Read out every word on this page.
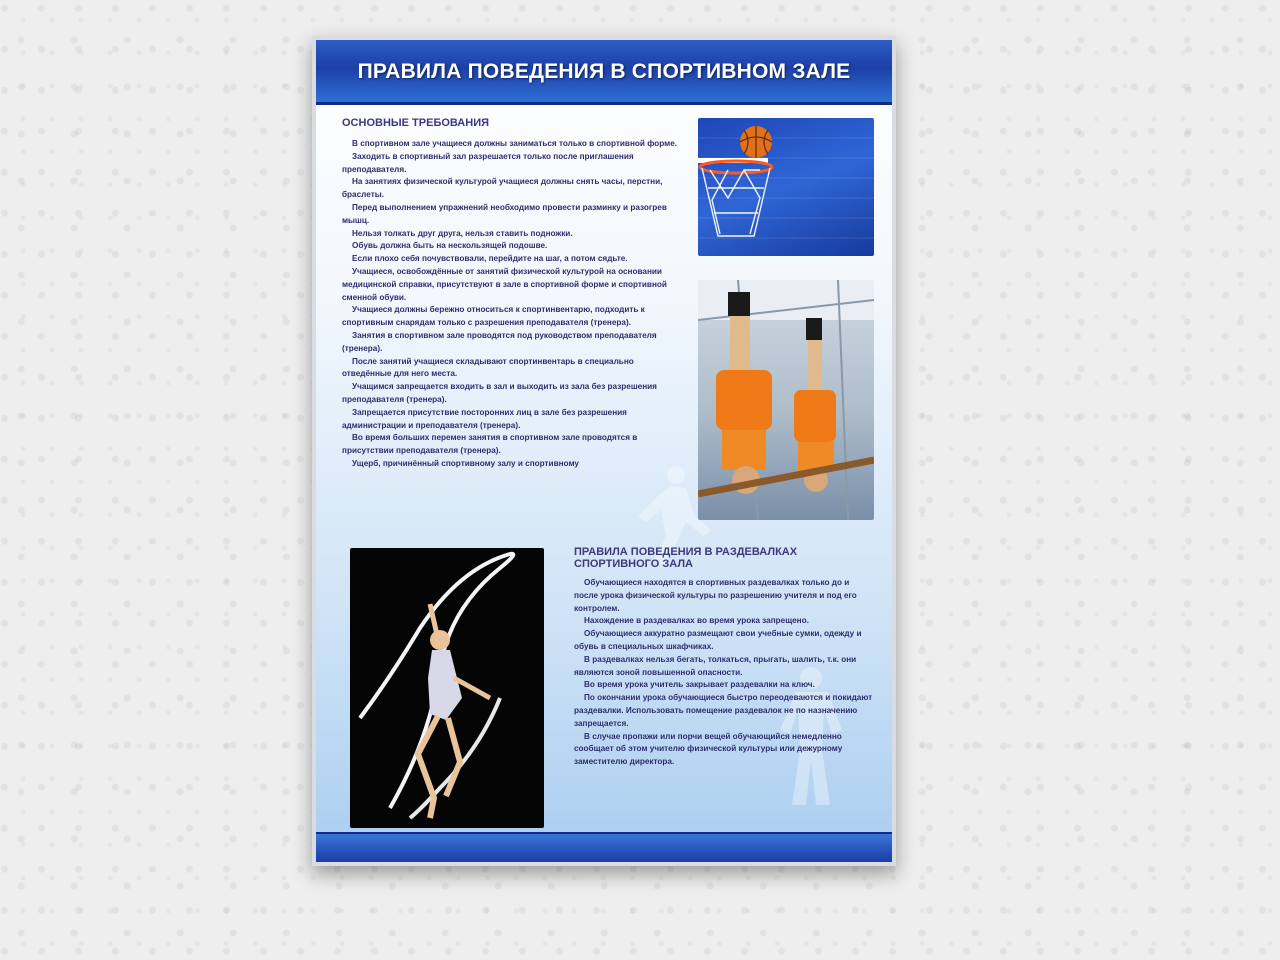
ПРАВИЛА ПОВЕДЕНИЯ В СПОРТИВНОМ ЗАЛЕ
ОСНОВНЫЕ ТРЕБОВАНИЯ

В спортивном зале учащиеся должны заниматься только в спортивной форме.

Заходить в спортивный зал разрешается только после приглашения преподавателя.

На занятиях физической культурой учащиеся должны снять часы, перстни, браслеты.

Перед выполнением упражнений необходимо провести разминку и разогрев мышц.

Нельзя толкать друг друга, нельзя ставить подножки.

Обувь должна быть на нескользящей подошве.

Если плохо себя почувствовали, перейдите на шаг, а потом сядьте.

Учащиеся, освобождённые от занятий физической культурой на основании медицинской справки, присутствуют в зале в спортивной форме и спортивной сменной обуви.

Учащиеся должны бережно относиться к спортинвентарю, подходить к спортивным снарядам только с разрешения преподавателя (тренера).

Занятия в спортивном зале проводятся под руководством преподавателя (тренера).

После занятий учащиеся складывают спортинвентарь в специально отведённые для него места.

Учащимся запрещается входить в зал и выходить из зала без разрешения преподавателя (тренера).

Запрещается присутствие посторонних лиц в зале без разрешения администрации и преподавателя (тренера).

Во время больших перемен занятия в спортивном зале проводятся в присутствии преподавателя (тренера).

Ущерб, причинённый спортивному залу и спортивному

ПРАВИЛА ПОВЕДЕНИЯ В РАЗДЕВАЛКАХ
СПОРТИВНОГО ЗАЛА

Обучающиеся находятся в спортивных раздевалках только до и после урока физической культуры по разрешению учителя и под его контролем.

Нахождение в раздевалках во время урока запрещено.

Обучающиеся аккуратно размещают свои учебные сумки, одежду и обувь в специальных шкафчиках.

В раздевалках нельзя бегать, толкаться, прыгать, шалить, т.к. они являются зоной повышенной опасности.

Во время урока учитель закрывает раздевалки на ключ.

По окончании урока обучающиеся быстро переодеваются и покидают раздевалки. Использовать помещение раздевалок не по назначению запрещается.

В случае пропажи или порчи вещей обучающийся немедленно сообщает об этом учителю физической культуры или дежурному заместителю директора.
